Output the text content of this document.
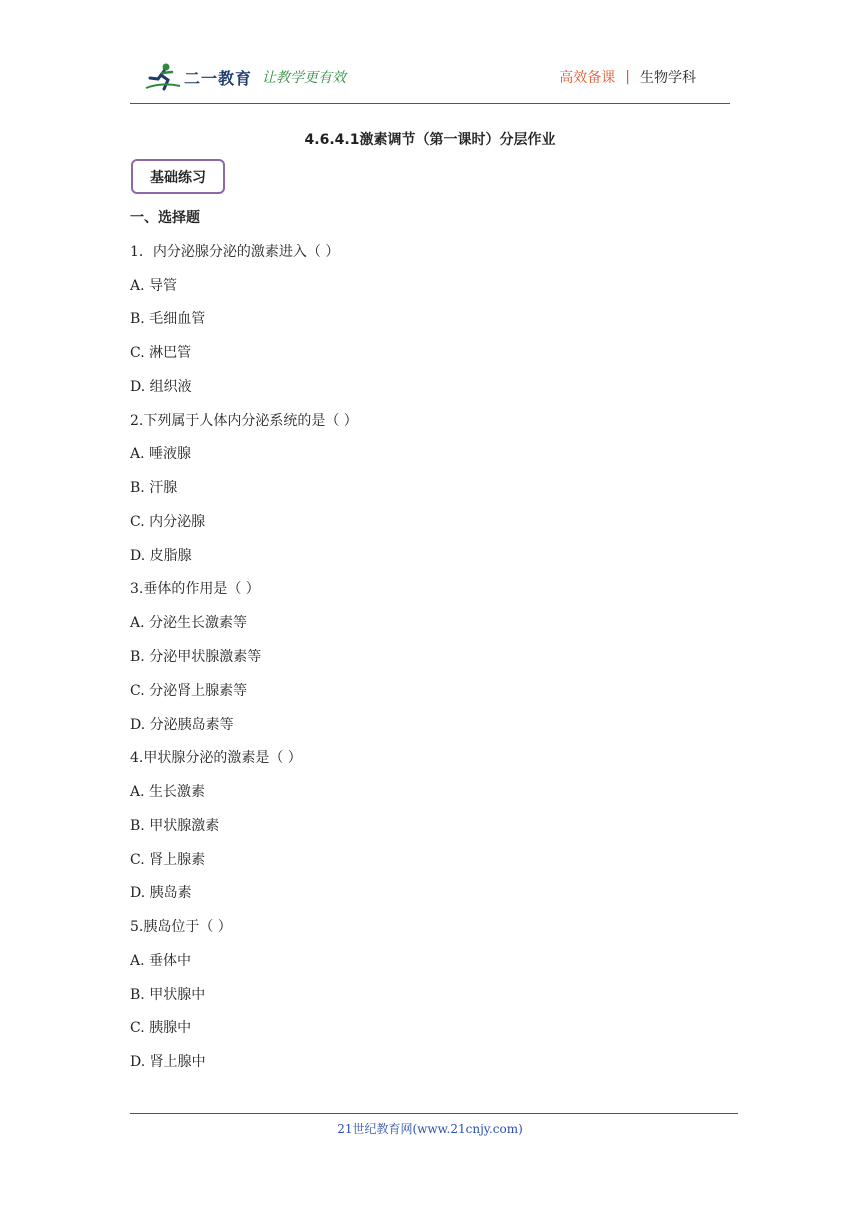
二一教育 让教学更有效	高效备课 | 生物学科
4.6.4.1激素调节（第一课时）分层作业
基础练习
一、选择题
1．内分泌腺分泌的激素进入（ ）
A. 导管
B. 毛细血管
C. 淋巴管
D. 组织液
2.下列属于人体内分泌系统的是（ ）
A. 唾液腺
B. 汗腺
C. 内分泌腺
D. 皮脂腺
3.垂体的作用是（ ）
A. 分泌生长激素等
B. 分泌甲状腺激素等
C. 分泌肾上腺素等
D. 分泌胰岛素等
4.甲状腺分泌的激素是（ ）
A. 生长激素
B. 甲状腺激素
C. 肾上腺素
D. 胰岛素
5.胰岛位于（ ）
A. 垂体中
B. 甲状腺中
C. 胰腺中
D. 肾上腺中
21世纪教育网(www.21cnjy.com)
